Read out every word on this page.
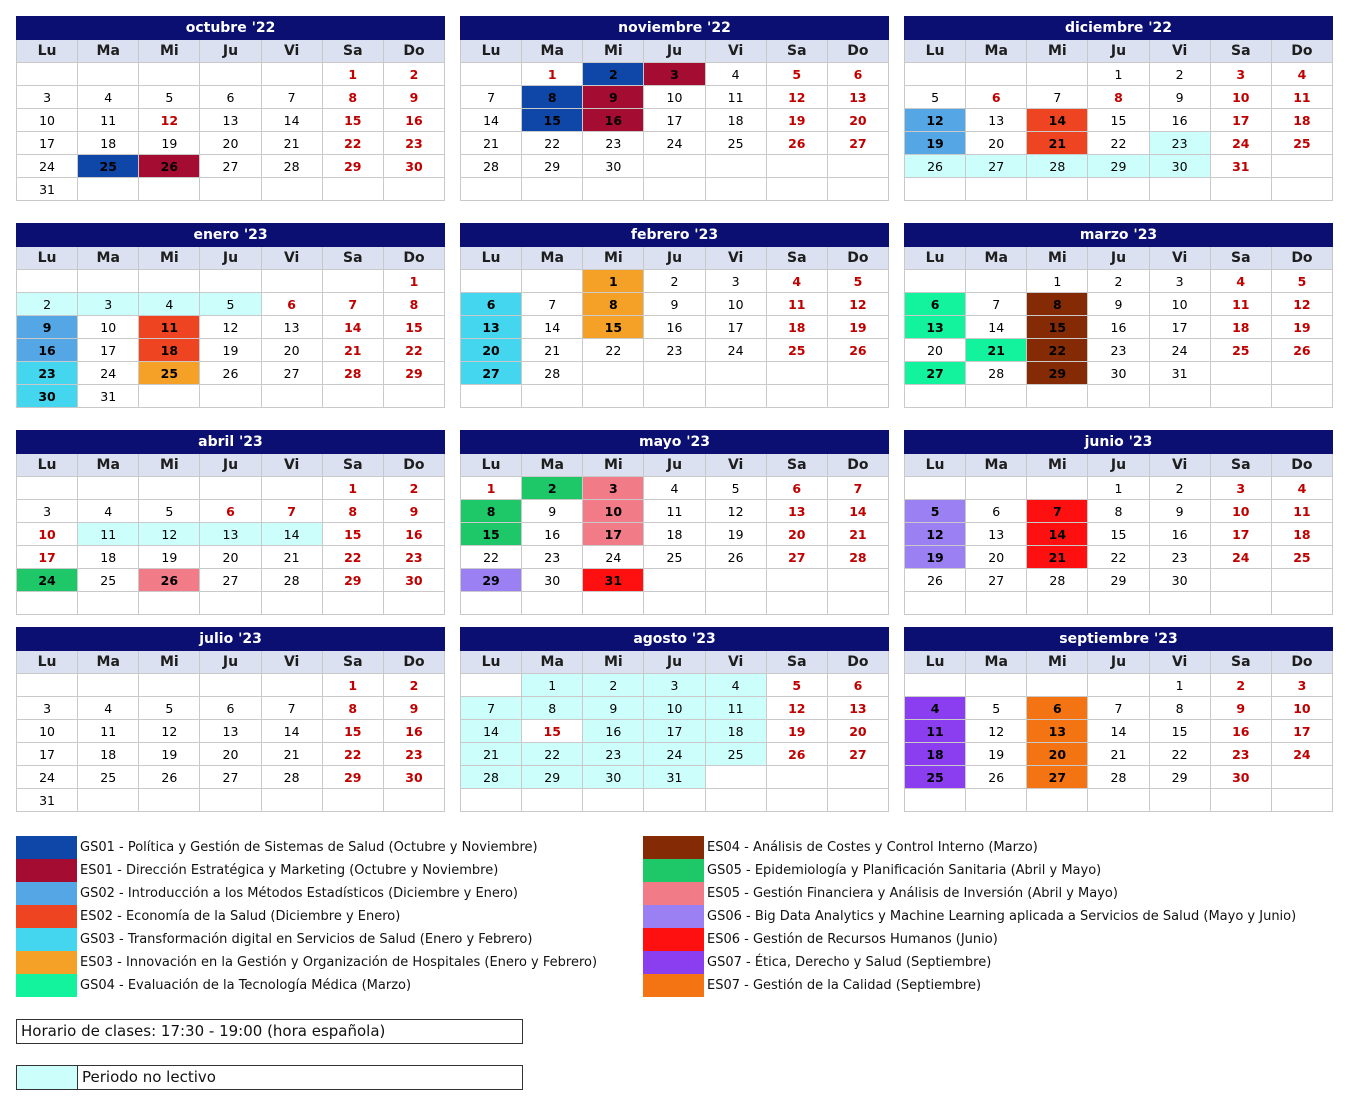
octubre '22						
Lu	Ma	Mi	Ju	Vi	Sa	Do
					1	2
3	4	5	6	7	8	9
10	11	12	13	14	15	16
17	18	19	20	21	22	23
24	25	26	27	28	29	30
31						
noviembre '22						
Lu	Ma	Mi	Ju	Vi	Sa	Do
	1	2	3	4	5	6
7	8	9	10	11	12	13
14	15	16	17	18	19	20
21	22	23	24	25	26	27
28	29	30				

diciembre '22						
Lu	Ma	Mi	Ju	Vi	Sa	Do
			1	2	3	4
5	6	7	8	9	10	11
12	13	14	15	16	17	18
19	20	21	22	23	24	25
26	27	28	29	30	31	

enero '23						
Lu	Ma	Mi	Ju	Vi	Sa	Do
						1
2	3	4	5	6	7	8
9	10	11	12	13	14	15
16	17	18	19	20	21	22
23	24	25	26	27	28	29
30	31					
febrero '23						
Lu	Ma	Mi	Ju	Vi	Sa	Do
		1	2	3	4	5
6	7	8	9	10	11	12
13	14	15	16	17	18	19
20	21	22	23	24	25	26
27	28					

marzo '23						
Lu	Ma	Mi	Ju	Vi	Sa	Do
		1	2	3	4	5
6	7	8	9	10	11	12
13	14	15	16	17	18	19
20	21	22	23	24	25	26
27	28	29	30	31		

abril '23						
Lu	Ma	Mi	Ju	Vi	Sa	Do
					1	2
3	4	5	6	7	8	9
10	11	12	13	14	15	16
17	18	19	20	21	22	23
24	25	26	27	28	29	30

mayo '23						
Lu	Ma	Mi	Ju	Vi	Sa	Do
1	2	3	4	5	6	7
8	9	10	11	12	13	14
15	16	17	18	19	20	21
22	23	24	25	26	27	28
29	30	31				

junio '23						
Lu	Ma	Mi	Ju	Vi	Sa	Do
			1	2	3	4
5	6	7	8	9	10	11
12	13	14	15	16	17	18
19	20	21	22	23	24	25
26	27	28	29	30		

julio '23						
Lu	Ma	Mi	Ju	Vi	Sa	Do
					1	2
3	4	5	6	7	8	9
10	11	12	13	14	15	16
17	18	19	20	21	22	23
24	25	26	27	28	29	30
31						
agosto '23						
Lu	Ma	Mi	Ju	Vi	Sa	Do
	1	2	3	4	5	6
7	8	9	10	11	12	13
14	15	16	17	18	19	20
21	22	23	24	25	26	27
28	29	30	31			

septiembre '23						
Lu	Ma	Mi	Ju	Vi	Sa	Do
				1	2	3
4	5	6	7	8	9	10
11	12	13	14	15	16	17
18	19	20	21	22	23	24
25	26	27	28	29	30	

GS01 - Política y Gestión de Sistemas de Salud (Octubre y Noviembre)
ES01 - Dirección Estratégica y Marketing (Octubre y Noviembre)
GS02 - Introducción a los Métodos Estadísticos (Diciembre y Enero)
ES02 - Economía de la Salud (Diciembre y Enero)
GS03 - Transformación digital en Servicios de Salud (Enero y Febrero)
ES03 - Innovación en la Gestión y Organización de Hospitales (Enero y Febrero)
GS04 - Evaluación de la Tecnología Médica (Marzo)
ES04 - Análisis de Costes y Control Interno (Marzo)
GS05 - Epidemiología y Planificación Sanitaria (Abril y Mayo)
ES05 - Gestión Financiera y Análisis de Inversión (Abril y Mayo)
GS06 - Big Data Analytics y Machine Learning aplicada a Servicios de Salud (Mayo y Junio)
ES06 - Gestión de Recursos Humanos (Junio)
GS07 - Ética, Derecho y Salud (Septiembre)
ES07 - Gestión de la Calidad (Septiembre)
Horario de clases: 17:30 - 19:00 (hora española)
Periodo no lectivo
